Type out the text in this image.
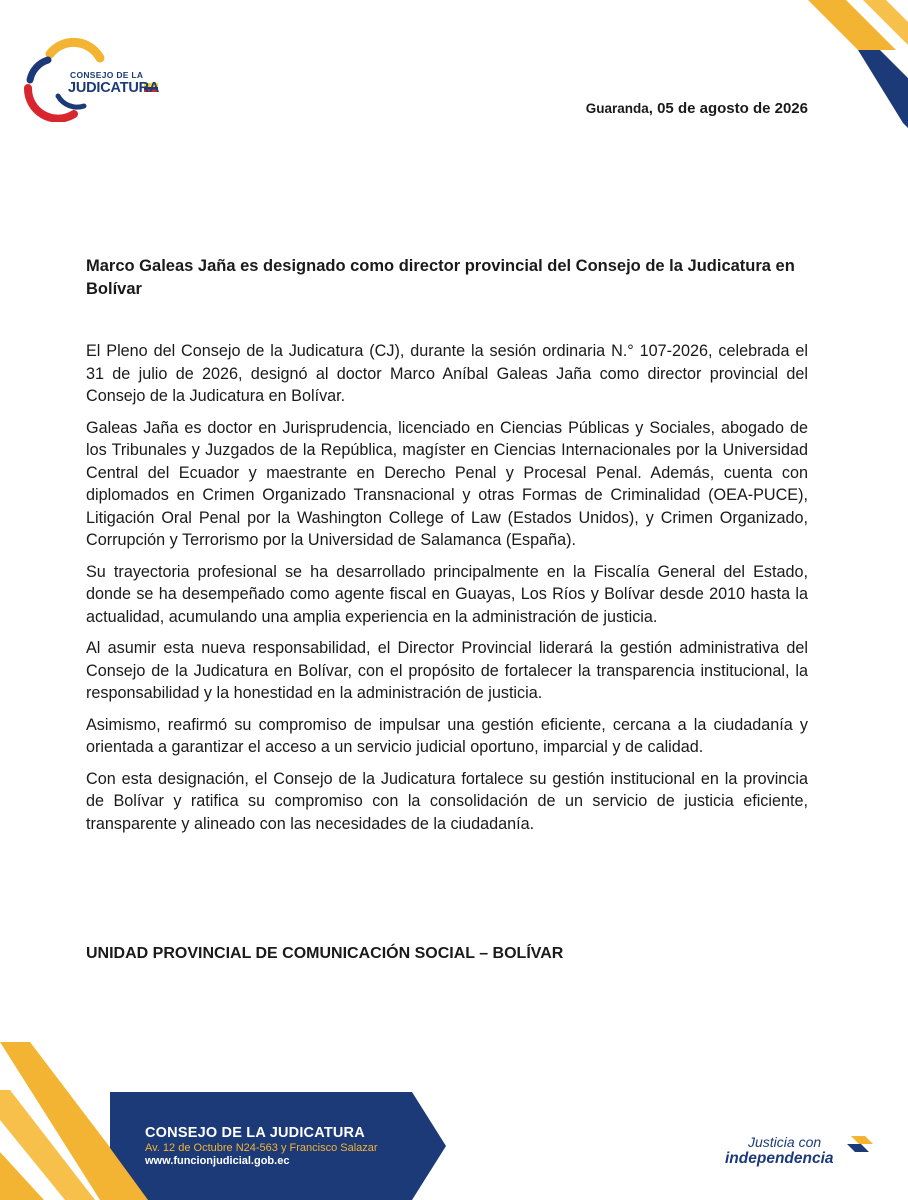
CONSEJO DE LA
JUDICATURA
Guaranda, 05 de agosto de 2026
Marco Galeas Jaña es designado como director provincial del Consejo de la Judicatura en Bolívar

El Pleno del Consejo de la Judicatura (CJ), durante la sesión ordinaria N.° 107-2026, celebrada el 31 de julio de 2026, designó al doctor Marco Aníbal Galeas Jaña como director provincial del Consejo de la Judicatura en Bolívar.

Galeas Jaña es doctor en Jurisprudencia, licenciado en Ciencias Públicas y Sociales, abogado de los Tribunales y Juzgados de la República, magíster en Ciencias Internacionales por la Universidad Central del Ecuador y maestrante en Derecho Penal y Procesal Penal. Además, cuenta con diplomados en Crimen Organizado Transnacional y otras Formas de Criminalidad (OEA-PUCE), Litigación Oral Penal por la Washington College of Law (Estados Unidos), y Crimen Organizado, Corrupción y Terrorismo por la Universidad de Salamanca (España).

Su trayectoria profesional se ha desarrollado principalmente en la Fiscalía General del Estado, donde se ha desempeñado como agente fiscal en Guayas, Los Ríos y Bolívar desde 2010 hasta la actualidad, acumulando una amplia experiencia en la administración de justicia.

Al asumir esta nueva responsabilidad, el Director Provincial liderará la gestión administrativa del Consejo de la Judicatura en Bolívar, con el propósito de fortalecer la transparencia institucional, la responsabilidad y la honestidad en la administración de justicia.

Asimismo, reafirmó su compromiso de impulsar una gestión eficiente, cercana a la ciudadanía y orientada a garantizar el acceso a un servicio judicial oportuno, imparcial y de calidad.

Con esta designación, el Consejo de la Judicatura fortalece su gestión institucional en la provincia de Bolívar y ratifica su compromiso con la consolidación de un servicio de justicia eficiente, transparente y alineado con las necesidades de la ciudadanía.

UNIDAD PROVINCIAL DE COMUNICACIÓN SOCIAL – BOLÍVAR
CONSEJO DE LA JUDICATURA
Av. 12 de Octubre N24-563 y Francisco Salazar
www.funcionjudicial.gob.ec
Justicia con
independencia
